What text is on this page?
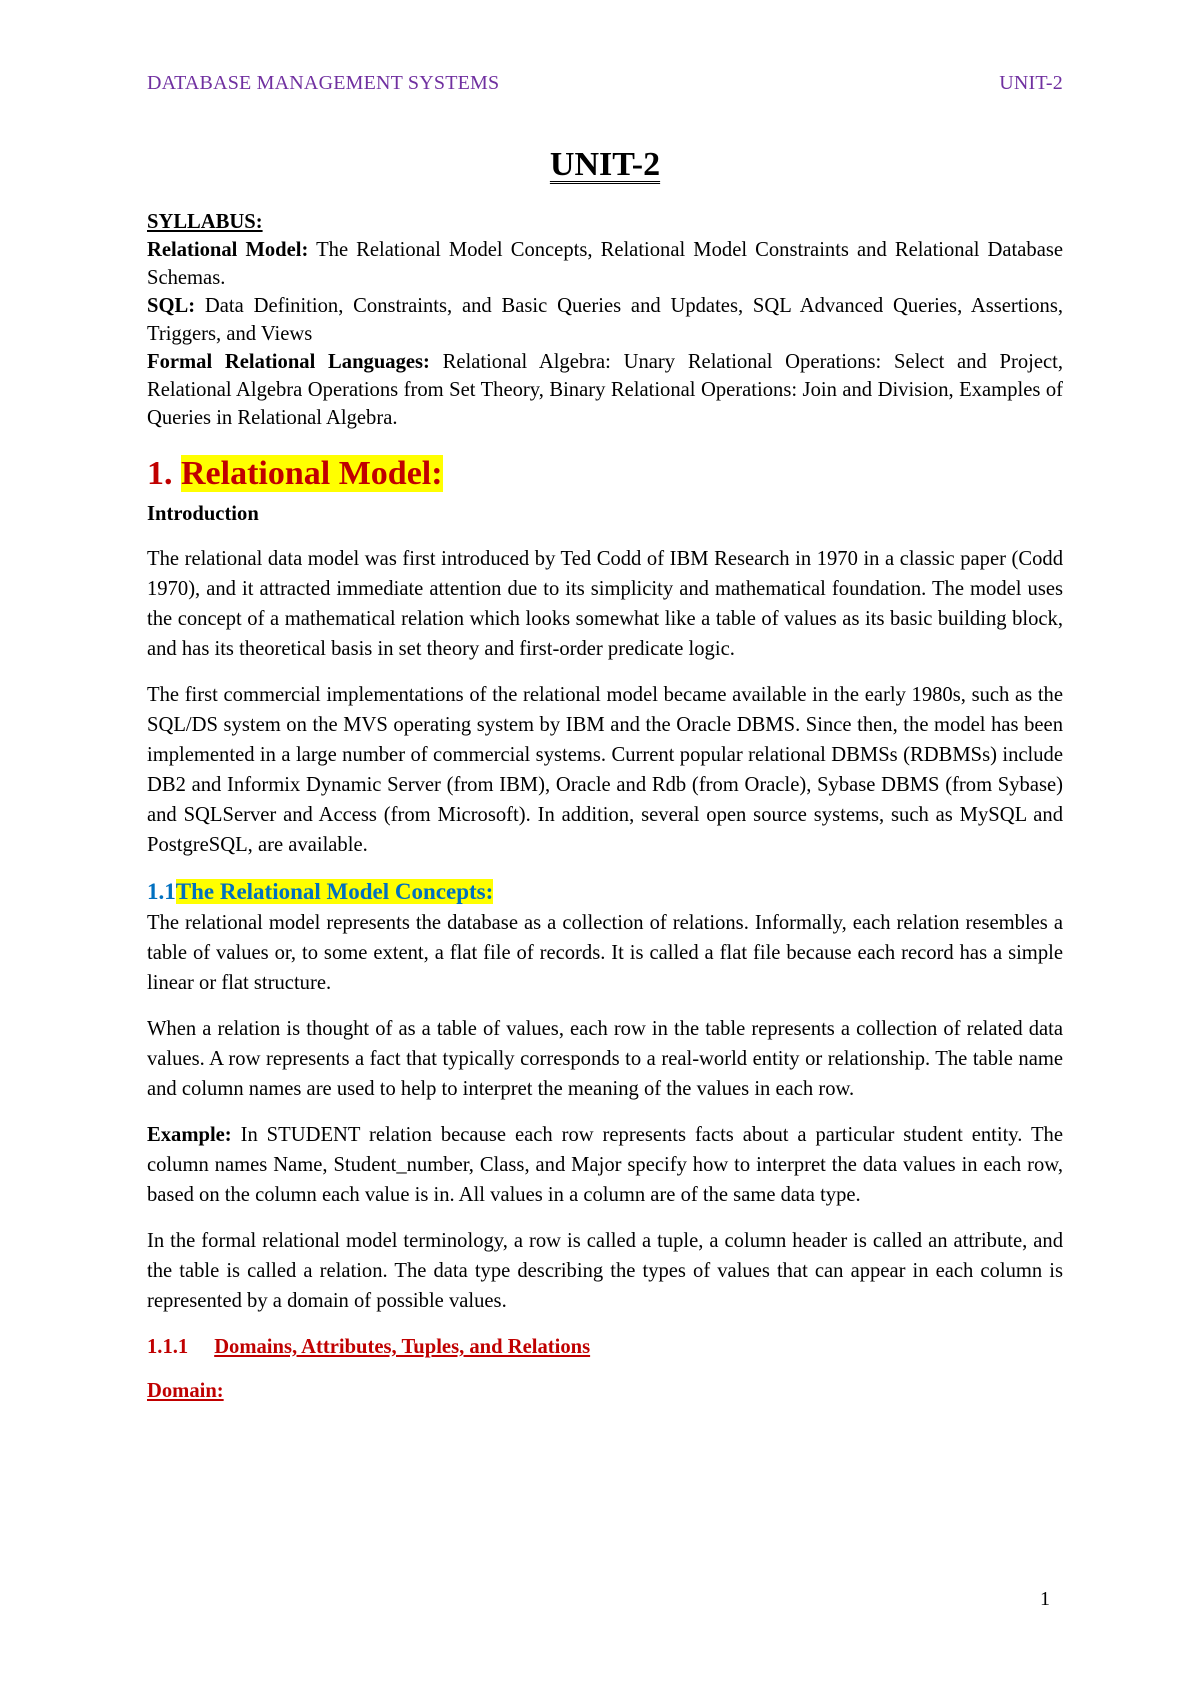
DATABASE MANAGEMENT SYSTEMS	UNIT-2
UNIT-2

SYLLABUS:

Relational Model: The Relational Model Concepts, Relational Model Constraints and Relational Database Schemas.

SQL: Data Definition, Constraints, and Basic Queries and Updates, SQL Advanced Queries, Assertions, Triggers, and Views

Formal Relational Languages: Relational Algebra: Unary Relational Operations: Select and Project, Relational Algebra Operations from Set Theory, Binary Relational Operations: Join and Division, Examples of Queries in Relational Algebra.

1. Relational Model:

Introduction

The relational data model was first introduced by Ted Codd of IBM Research in 1970 in a classic paper (Codd 1970), and it attracted immediate attention due to its simplicity and mathematical foundation. The model uses the concept of a mathematical relation which looks somewhat like a table of values as its basic building block, and has its theoretical basis in set theory and first-order predicate logic.

The first commercial implementations of the relational model became available in the early 1980s, such as the SQL/DS system on the MVS operating system by IBM and the Oracle DBMS. Since then, the model has been implemented in a large number of commercial systems. Current popular relational DBMSs (RDBMSs) include DB2 and Informix Dynamic Server (from IBM), Oracle and Rdb (from Oracle), Sybase DBMS (from Sybase) and SQLServer and Access (from Microsoft). In addition, several open source systems, such as MySQL and PostgreSQL, are available.

1.1The Relational Model Concepts:

The relational model represents the database as a collection of relations. Informally, each relation resembles a table of values or, to some extent, a flat file of records. It is called a flat file because each record has a simple linear or flat structure.

When a relation is thought of as a table of values, each row in the table represents a collection of related data values. A row represents a fact that typically corresponds to a real-world entity or relationship. The table name and column names are used to help to interpret the meaning of the values in each row.

Example: In STUDENT relation because each row represents facts about a particular student entity. The column names Name, Student_number, Class, and Major specify how to interpret the data values in each row, based on the column each value is in. All values in a column are of the same data type.

In the formal relational model terminology, a row is called a tuple, a column header is called an attribute, and the table is called a relation. The data type describing the types of values that can appear in each column is represented by a domain of possible values.

1.1.1 Domains, Attributes, Tuples, and Relations
Domain:
1
